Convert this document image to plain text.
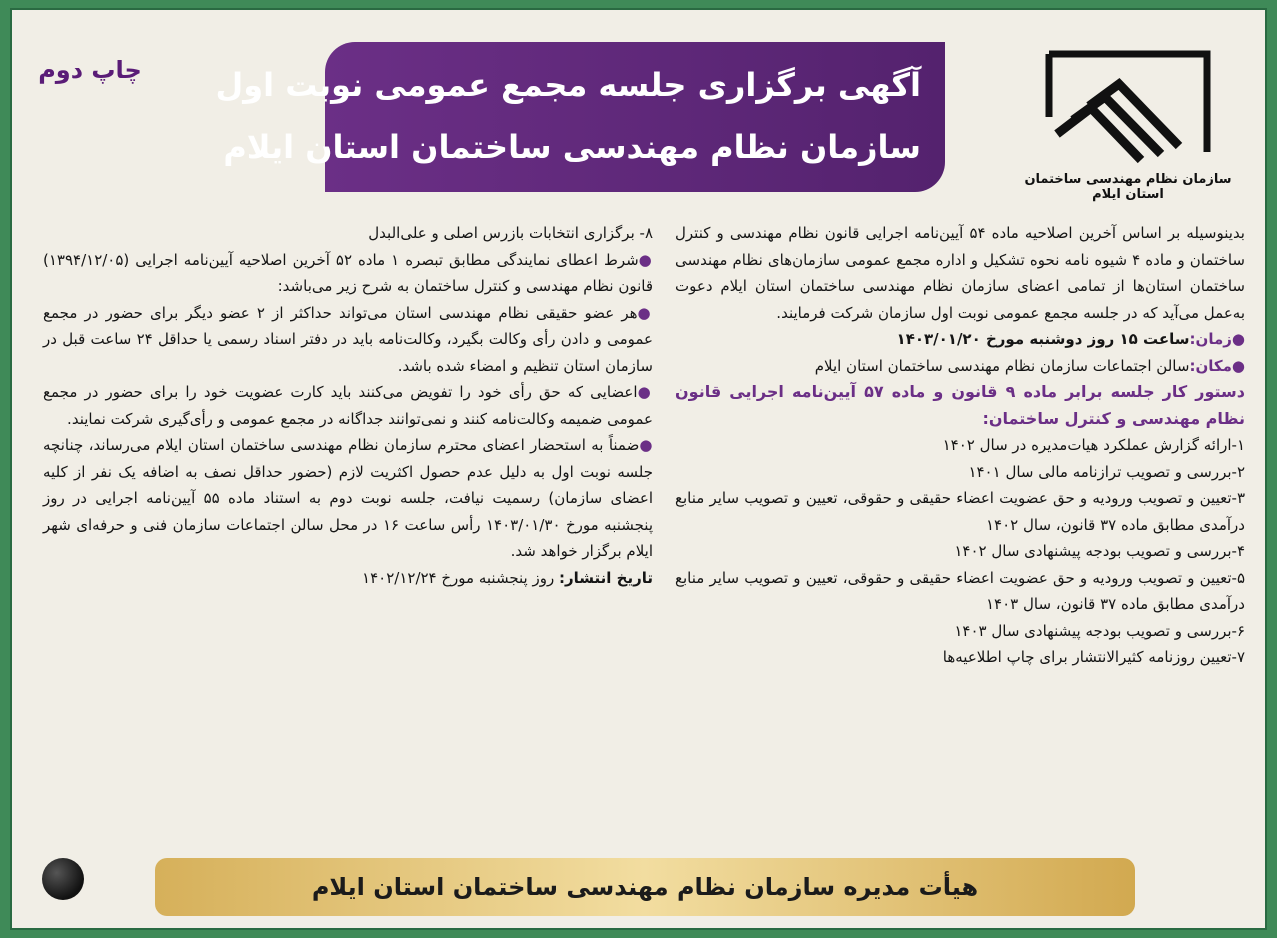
سازمان نظام مهندسی ساختمان استان ایلام
آگهی برگزاری جلسه مجمع عمومی نوبت اول
سازمان نظام مهندسی ساختمان استان ایلام
چاپ دوم

بدینوسیله بر اساس آخرین اصلاحیه ماده ۵۴ آیین‌نامه اجرایی قانون نظام مهندسی و کنترل ساختمان و ماده ۴ شیوه نامه نحوه تشکیل و اداره مجمع عمومی سازمان‌های نظام مهندسی ساختمان استان‌ها از تمامی اعضای سازمان نظام مهندسی ساختمان استان ایلام دعوت به‌عمل می‌آید که در جلسه مجمع عمومی نوبت اول سازمان شرکت فرمایند.

●زمان:ساعت ۱۵ روز دوشنبه مورخ ۱۴۰۳/۰۱/۲۰

●مکان:سالن اجتماعات سازمان نظام مهندسی ساختمان استان ایلام

دستور کار جلسه برابر ماده ۹ قانون و ماده ۵۷ آیین‌نامه اجرایی قانون نظام مهندسی و کنترل ساختمان:

۱-ارائه گزارش عملکرد هیات‌مدیره در سال ۱۴۰۲

۲-بررسی و تصویب ترازنامه مالی سال ۱۴۰۱

۳-تعیین و تصویب ورودیه و حق عضویت اعضاء حقیقی و حقوقی، تعیین و تصویب سایر منابع درآمدی مطابق ماده ۳۷ قانون، سال ۱۴۰۲

۴-بررسی و تصویب بودجه پیشنهادی سال ۱۴۰۲

۵-تعیین و تصویب ورودیه و حق عضویت اعضاء حقیقی و حقوقی، تعیین و تصویب سایر منابع درآمدی مطابق ماده ۳۷ قانون، سال ۱۴۰۳

۶-بررسی و تصویب بودجه پیشنهادی سال ۱۴۰۳

۷-تعیین روزنامه کثیرالانتشار برای چاپ اطلاعیه‌ها

۸- برگزاری انتخابات بازرس اصلی و علی‌البدل

●شرط اعطای نمایندگی مطابق تبصره ۱ ماده ۵۲ آخرین اصلاحیه آیین‌نامه اجرایی (۱۳۹۴/۱۲/۰۵) قانون نظام مهندسی و کنترل ساختمان به شرح زیر می‌باشد:

●هر عضو حقیقی نظام مهندسی استان می‌تواند حداکثر از ۲ عضو دیگر برای حضور در مجمع عمومی و دادن رأی وکالت بگیرد، وکالت‌نامه باید در دفتر اسناد رسمی یا حداقل ۲۴ ساعت قبل در سازمان استان تنظیم و امضاء شده باشد.

●اعضایی که حق رأی خود را تفویض می‌کنند باید کارت عضویت خود را برای حضور در مجمع عمومی ضمیمه وکالت‌نامه کنند و نمی‌توانند جداگانه در مجمع عمومی و رأی‌گیری شرکت نمایند.

●ضمناً به استحضار اعضای محترم سازمان نظام مهندسی ساختمان استان ایلام می‌رساند، چنانچه جلسه نوبت اول به دلیل عدم حصول اکثریت لازم (حضور حداقل نصف به اضافه یک نفر از کلیه اعضای سازمان) رسمیت نیافت، جلسه نوبت دوم به استناد ماده ۵۵ آیین‌نامه اجرایی در روز پنجشنبه مورخ ۱۴۰۳/۰۱/۳۰ رأس ساعت ۱۶ در محل سالن اجتماعات سازمان فنی و حرفه‌ای شهر ایلام برگزار خواهد شد.

تاریخ انتشار: روز پنجشنبه مورخ ۱۴۰۲/۱۲/۲۴

هیأت مدیره سازمان نظام مهندسی ساختمان استان ایلام
